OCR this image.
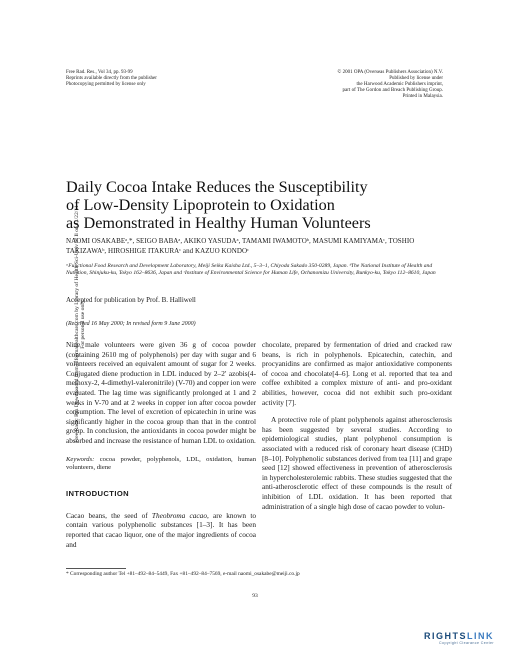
Free Radic Res Downloaded from informahealthcare.com by Library of Health Sci-Univ of Il on 11/22/11 For personal use only.
Free Rad. Res., Vol 34, pp. 93-99
Reprints available directly from the publisher
Photocopying permitted by license only
© 2001 OPA (Overseas Publishers Association) N.V.
Published by license under
the Harwood Academic Publishers imprint,
part of The Gordon and Breach Publishing Group.
Printed in Malaysia.
Daily Cocoa Intake Reduces the Susceptibility
of Low-Density Lipoprotein to Oxidation
as Demonstrated in Healthy Human Volunteers
NAOMI OSAKABEᵃ,*, SEIGO BABAᵃ, AKIKO YASUDAᵃ, TAMAMI IWAMOTOᵇ, MASUMI KAMIYAMAᶜ, TOSHIO TAKIZAWAᵇ, HIROSHIGE ITAKURAᶜ and KAZUO KONDOᶜ
ᵃFunctional Food Research and Development Laboratory, Meiji Seika Kaisha Ltd., 5–3–1, Chiyoda Sakado 350-0289, Japan. ᵇThe National Institute of Health and Nutrition, Shinjuku-ku, Tokyo 162–8636, Japan and ᶜInstitute of Environmental Science for Human Life, Ochanomizu University, Bunkyo-ku, Tokyo 112–8610, Japan
Accepted for publication by Prof. B. Halliwell
(Received 16 May 2000; In revised form 9 June 2000)

Nine male volunteers were given 36 g of cocoa powder (containing 2610 mg of polyphenols) per day with sugar and 6 volunteers received an equivalent amount of sugar for 2 weeks. Conjugated diene production in LDL induced by 2–2′ azobis(4-methoxy-2, 4-dimethyl-valeronitrile) (V-70) and copper ion were evaluated. The lag time was significantly prolonged at 1 and 2 weeks in V-70 and at 2 weeks in copper ion after cocoa powder consumption. The level of excretion of epicatechin in urine was significantly higher in the cocoa group than that in the control group. In conclusion, the antioxidants in cocoa powder might be absorbed and increase the resistance of human LDL to oxidation.

Keywords: cocoa powder, polyphenols, LDL, oxidation, human volunteers, diene

INTRODUCTION

Cacao beans, the seed of Theobroma cacao, are known to contain various polyphenolic substances [1–3]. It has been reported that cacao liquor, one of the major ingredients of cocoa and

chocolate, prepared by fermentation of dried and cracked raw beans, is rich in polyphenols. Epicatechin, catechin, and procyanidins are confirmed as major antioxidative components of cocoa and chocolate[4–6]. Long et al. reported that tea and coffee exhibited a complex mixture of anti- and pro-oxidant abilities, however, cocoa did not exhibit such pro-oxidant activity [7].

A protective role of plant polyphenols against atherosclerosis has been suggested by several studies. According to epidemiological studies, plant polyphenol consumption is associated with a reduced risk of coronary heart disease (CHD) [8–10]. Polyphenolic substances derived from tea [11] and grape seed [12] showed effectiveness in prevention of atherosclerosis in hypercholesterolemic rabbits. These studies suggested that the anti-atherosclerotic effect of these compounds is the result of inhibition of LDL oxidation. It has been reported that administration of a single high dose of cacao powder to volun-

* Corresponding author Tel +81–492–84–5449, Fax +81–492–84–7569, e-mail naomi_osakabe@meiji.co.jp
93
RIGHTSLINK
Copyright Clearance Center
